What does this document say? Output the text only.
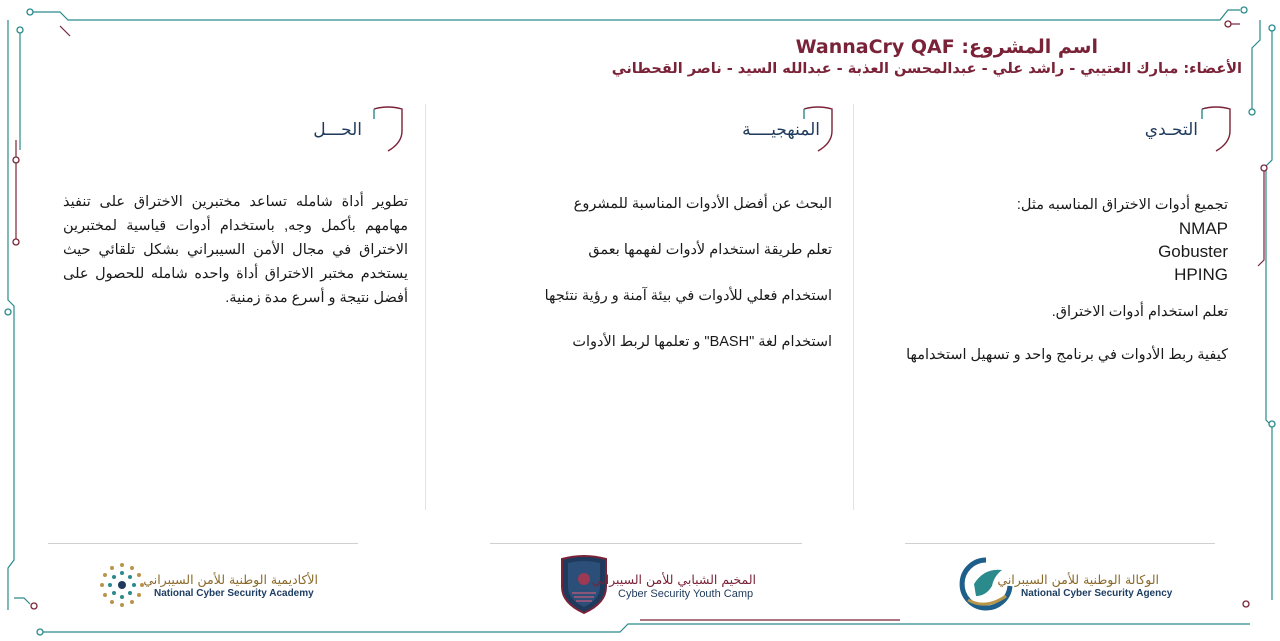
اسم المشروع: WannaCry QAF
الأعضاء: مبارك العتيبي - راشد علي - عبدالمحسن العذبة - عبدالله السيد - ناصر القحطاني
التحـدي

تجميع أدوات الاختراق المناسبه مثل:

NMAP

Gobuster

HPING

تعلم استخدام أدوات الاختراق.

كيفية ربط الأدوات في برنامج واحد و تسهيل استخدامها

المنهجيــــة

البحث عن أفضل الأدوات المناسبة للمشروع

تعلم طريقة استخدام لأدوات لفهمها بعمق

استخدام فعلي للأدوات في بيئة آمنة و رؤية نتئجها

استخدام لغة "BASH" و تعلمها لربط الأدوات

الحـــل

تطوير أداة شامله تساعد مختبرين الاختراق على تنفيذ مهامهم بأكمل وجه, باستخدام أدوات قياسية لمختبرين الاختراق في مجال الأمن السيبراني بشكل تلقائي حيث يستخدم مختبر الاختراق أداة واحده شامله للحصول على أفضل نتيجة و أسرع مدة زمنية.

الوكالة الوطنية للأمن السيبراني
National Cyber Security Agency
المخيم الشبابي للأمن السيبراني
Cyber Security Youth Camp
الأكاديمية الوطنية للأمن السيبراني
National Cyber Security Academy
